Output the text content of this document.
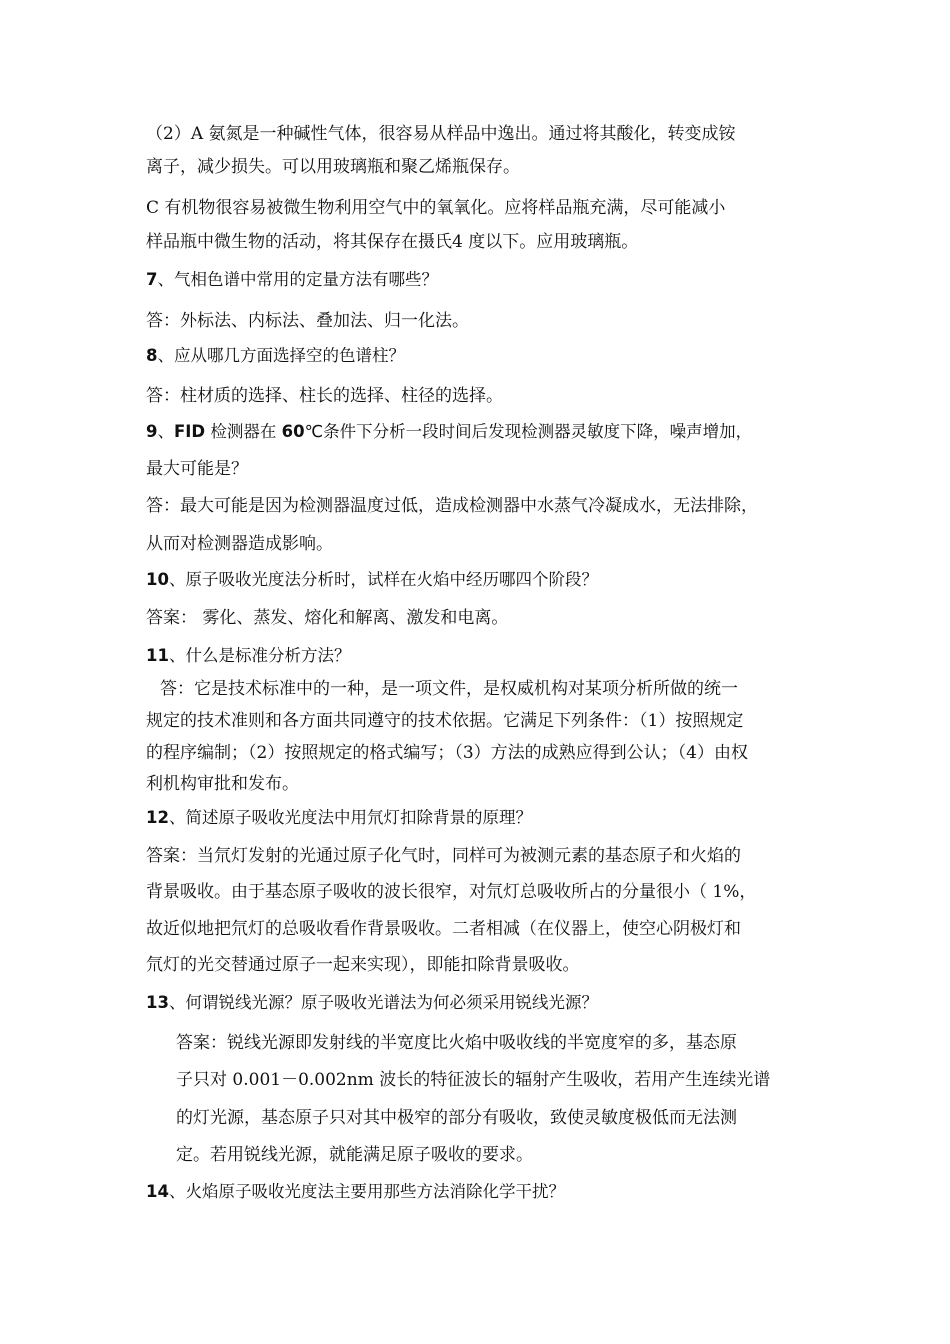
（2）A 氨氮是一种碱性气体，很容易从样品中逸出。通过将其酸化，转变成铵
离子，减少损失。可以用玻璃瓶和聚乙烯瓶保存。
C 有机物很容易被微生物利用空气中的氧氧化。应将样品瓶充满，尽可能减小
样品瓶中微生物的活动，将其保存在摄氏4 度以下。应用玻璃瓶。
7、气相色谱中常用的定量方法有哪些？
答：外标法、内标法、叠加法、归一化法。
8、应从哪几方面选择空的色谱柱？
答：柱材质的选择、柱长的选择、柱径的选择。
9、FID 检测器在 60℃条件下分析一段时间后发现检测器灵敏度下降，噪声增加，
最大可能是？
答：最大可能是因为检测器温度过低，造成检测器中水蒸气冷凝成水，无法排除，
从而对检测器造成影响。
10、原子吸收光度法分析时，试样在火焰中经历哪四个阶段？
答案： 雾化、蒸发、熔化和解离、激发和电离。
11、什么是标准分析方法？
答：它是技术标准中的一种，是一项文件，是权威机构对某项分析所做的统一
规定的技术准则和各方面共同遵守的技术依据。它满足下列条件：（1）按照规定
的程序编制；（2）按照规定的格式编写；（3）方法的成熟应得到公认；（4）由权
利机构审批和发布。
12、简述原子吸收光度法中用氘灯扣除背景的原理？
答案：当氘灯发射的光通过原子化气时，同样可为被测元素的基态原子和火焰的
背景吸收。由于基态原子吸收的波长很窄，对氘灯总吸收所占的分量很小（ 1%，
故近似地把氘灯的总吸收看作背景吸收。二者相减（在仪器上，使空心阴极灯和
氘灯的光交替通过原子一起来实现），即能扣除背景吸收。
13、何谓锐线光源？原子吸收光谱法为何必须采用锐线光源？
答案：锐线光源即发射线的半宽度比火焰中吸收线的半宽度窄的多，基态原
子只对 0.001－0.002nm 波长的特征波长的辐射产生吸收，若用产生连续光谱
的灯光源，基态原子只对其中极窄的部分有吸收，致使灵敏度极低而无法测
定。若用锐线光源，就能满足原子吸收的要求。
14、火焰原子吸收光度法主要用那些方法消除化学干扰？
